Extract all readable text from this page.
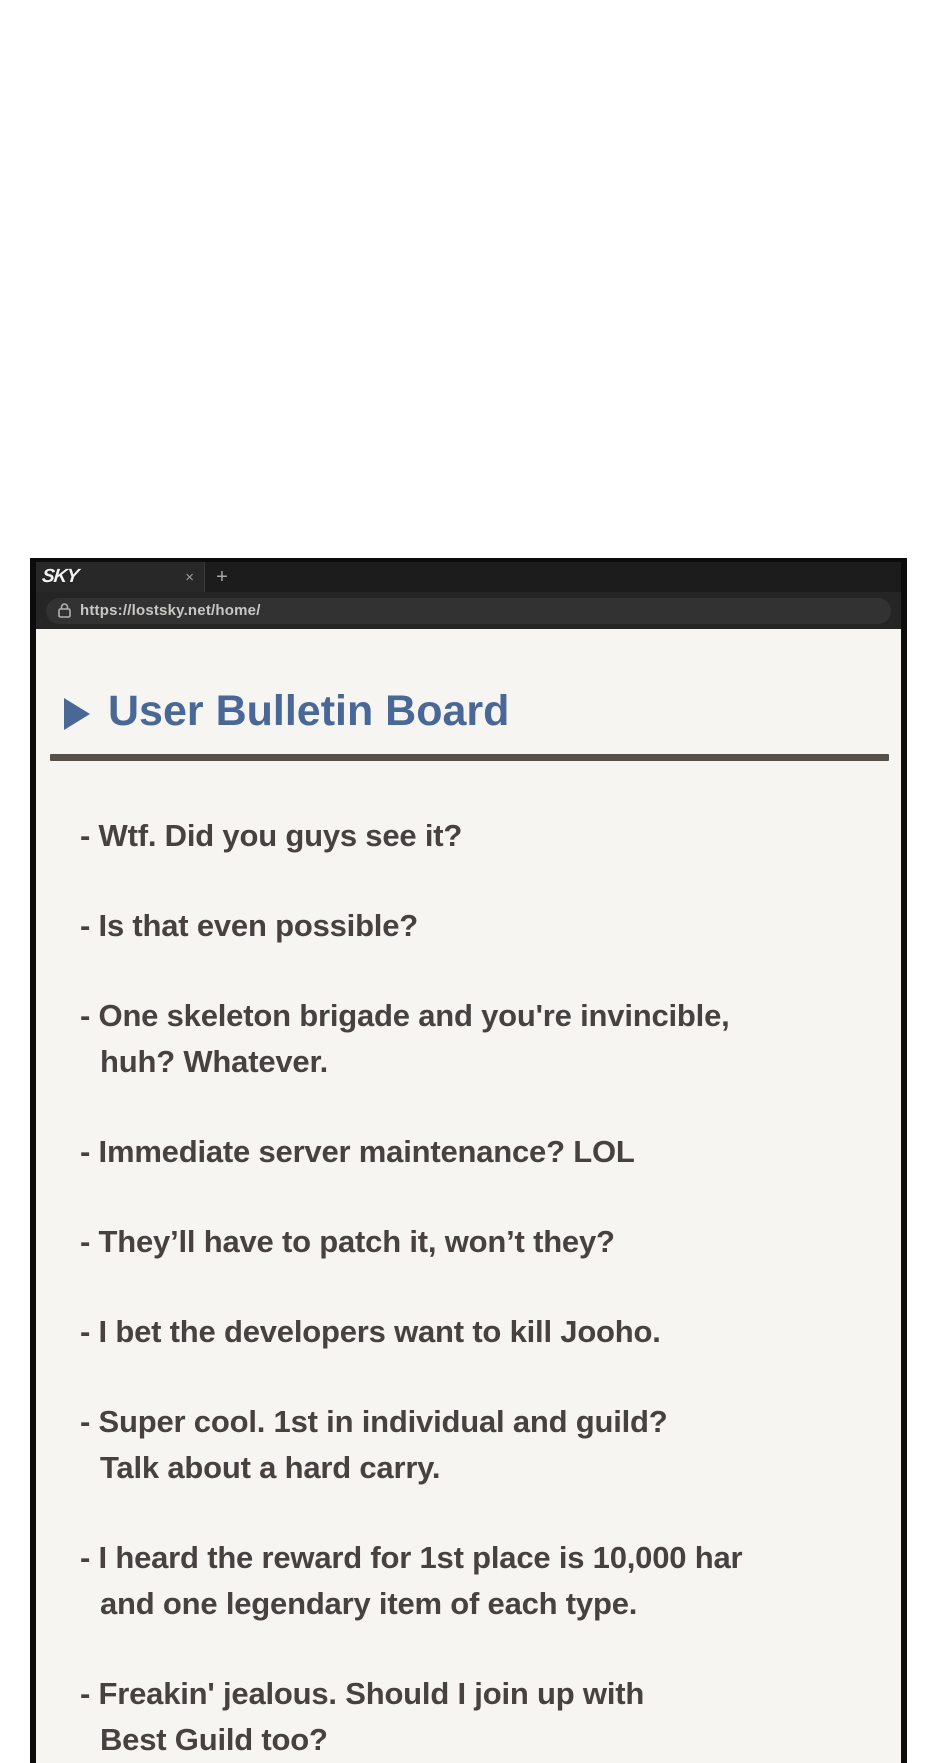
SKY	×	+
https://lostsky.net/home/
User Bulletin Board
- Wtf. Did you guys see it?
- Is that even possible?
- One skeleton brigade and you're invincible,
huh? Whatever.
- Immediate server maintenance? LOL
- They’ll have to patch it, won’t they?
- I bet the developers want to kill Jooho.
- Super cool. 1st in individual and guild?
Talk about a hard carry.
- I heard the reward for 1st place is 10,000 har
and one legendary item of each type.
- Freakin' jealous. Should I join up with
Best Guild too?
